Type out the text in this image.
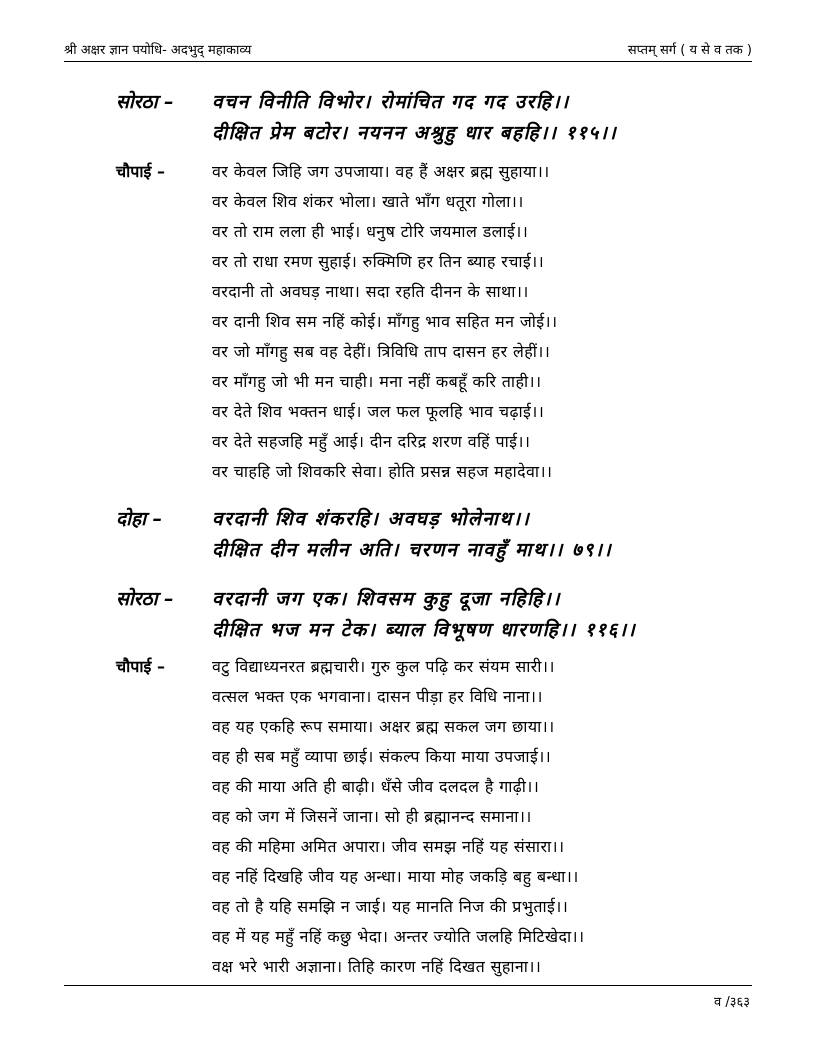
श्री अक्षर ज्ञान पयोधि- अदभुद् महाकाव्य	सप्तम् सर्ग ( य से व तक )
सोरठा – वचन विनीति विभोर। रोमांचित गद गद उरहि।।
दीक्षित प्रेम बटोर। नयनन अश्रुहु धार बहहि।। ११५।।
चौपाई –	वर केवल जिहि जग उपजाया। वह हैं अक्षर ब्रह्म सुहाया।।
वर केवल शिव शंकर भोला। खाते भाँग धतूरा गोला।।
वर तो राम लला ही भाई। धनुष टोरि जयमाल डलाई।।
वर तो राधा रमण सुहाई। रुक्मिणि हर तिन ब्याह रचाई।।
वरदानी तो अवघड़ नाथा। सदा रहति दीनन के साथा।।
वर दानी शिव सम नहिं कोई। माँगहु भाव सहित मन जोई।।
वर जो माँगहु सब वह देहीं। त्रिविधि ताप दासन हर लेहीं।।
वर माँगहु जो भी मन चाही। मना नहीं कबहूँ करि ताही।।
वर देते शिव भक्तन धाई। जल फल फूलहि भाव चढ़ाई।।
वर देते सहजहि महुँ आई। दीन दरिद्र शरण वहिं पाई।।
वर चाहहि जो शिवकरि सेवा। होति प्रसन्न सहज महादेवा।।
दोहा –	वरदानी शिव शंकरहि। अवघड़ भोलेनाथ।।
दीक्षित दीन मलीन अति। चरणन नावहुँ माथ।। ७९।।
सोरठा – वरदानी जग एक। शिवसम कुहु दूजा नहिहि।।
दीक्षित भज मन टेक। ब्याल विभूषण धारणहि।। ११६।।
चौपाई –	वटु विद्याध्यनरत ब्रह्मचारी। गुरु कुल पढ़ि कर संयम सारी।।
वत्सल भक्त एक भगवाना। दासन पीड़ा हर विधि नाना।।
वह यह एकहि रूप समाया। अक्षर ब्रह्म सकल जग छाया।।
वह ही सब महुँ व्यापा छाई। संकल्प किया माया उपजाई।।
वह की माया अति ही बाढ़ी। धँसे जीव दलदल है गाढ़ी।।
वह को जग में जिसनें जाना। सो ही ब्रह्मानन्द समाना।।
वह की महिमा अमित अपारा। जीव समझ नहिं यह संसारा।।
वह नहिं दिखहि जीव यह अन्धा। माया मोह जकड़ि बहु बन्धा।।
वह तो है यहि समझि न जाई। यह मानति निज की प्रभुताई।।
वह में यह महुँ नहिं कछु भेदा। अन्तर ज्योति जलहि मिटिखेदा।।
वक्ष भरे भारी अज्ञाना। तिहि कारण नहिं दिखत सुहाना।।
व /३६३
